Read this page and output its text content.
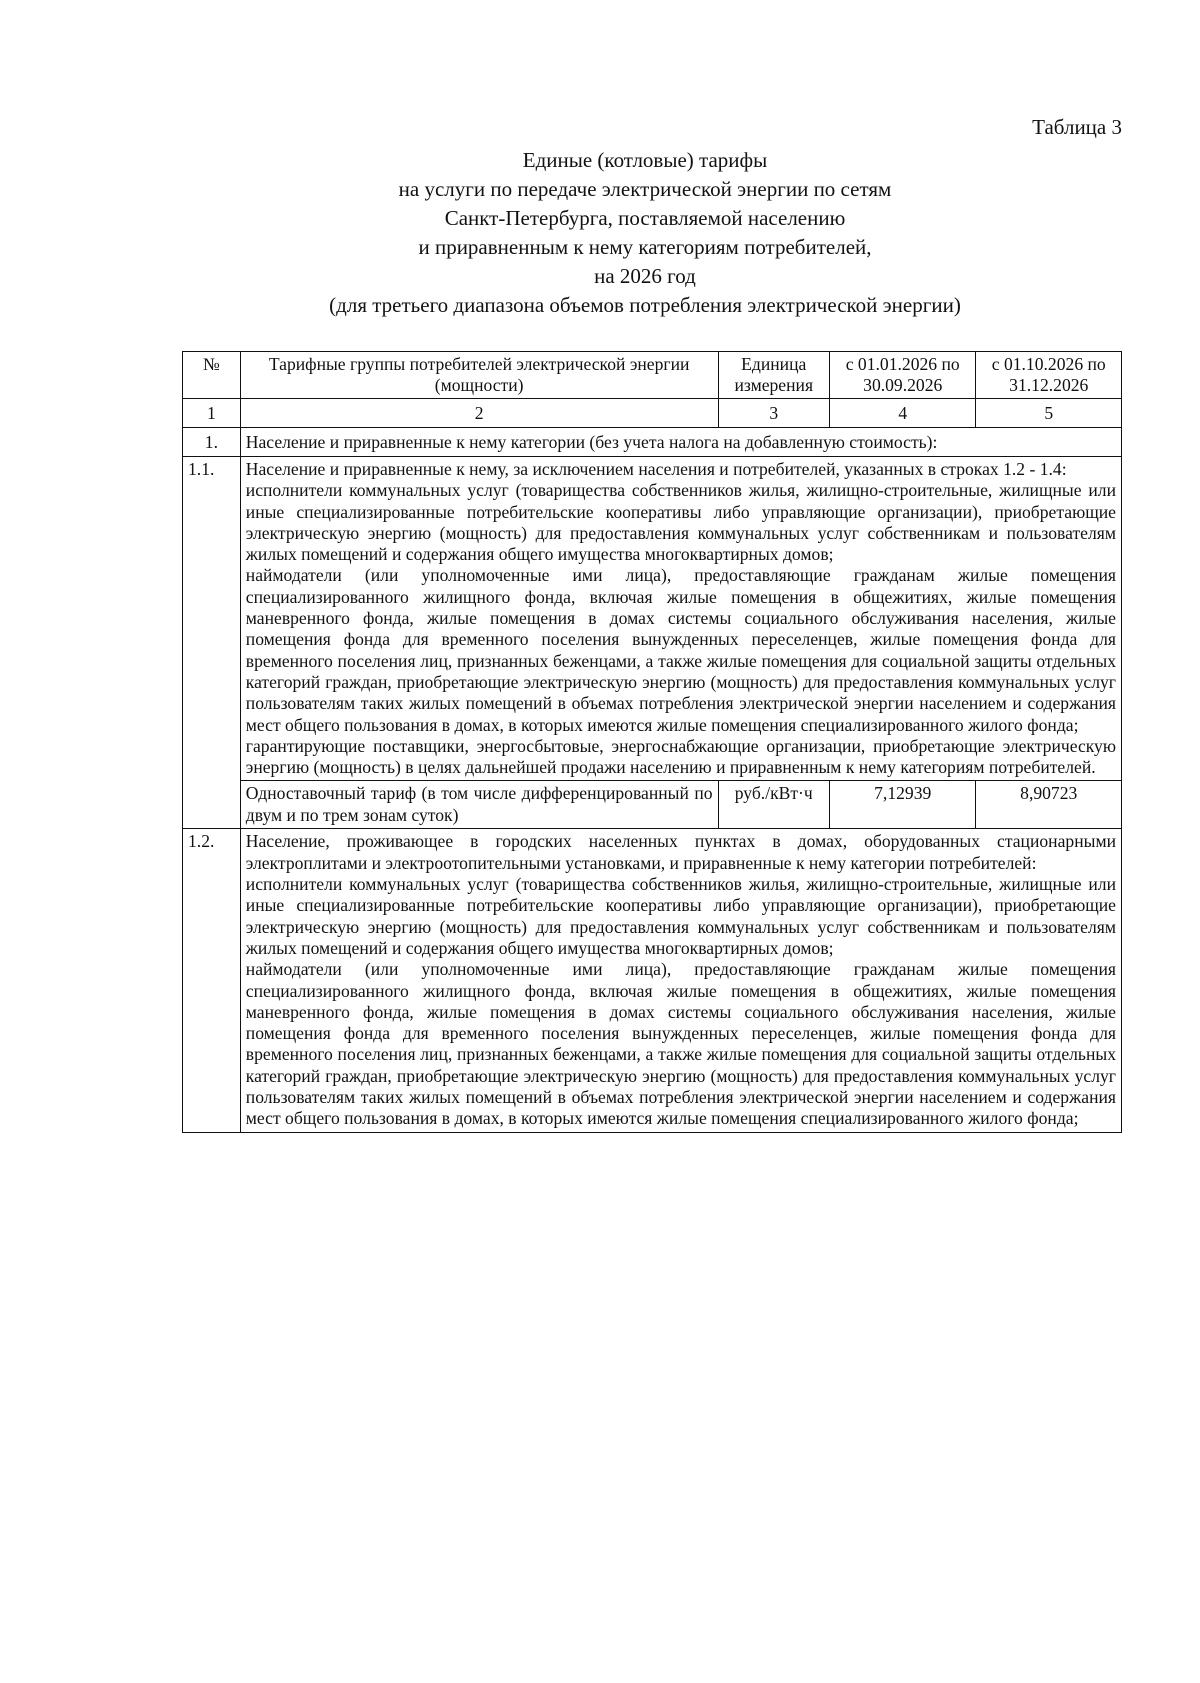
Таблица 3
Единые (котловые) тарифы
на услуги по передаче электрической энергии по сетям
Санкт-Петербурга, поставляемой населению
и приравненным к нему категориям потребителей,
на 2026 год
(для третьего диапазона объемов потребления электрической энергии)
№	Тарифные группы потребителей электрической энергии (мощности)	Единица измерения	с 01.01.2026 по 30.09.2026	с 01.10.2026 по 31.12.2026
1	2	3	4	5
1.	Население и приравненные к нему категории (без учета налога на добавленную стоимость):			
1.1.	Население и приравненные к нему, за исключением населения и потребителей, указанных в строках 1.2 - 1.4:
исполнители коммунальных услуг (товарищества собственников жилья, жилищно-строительные, жилищные или иные специализированные потребительские кооперативы либо управляющие организации), приобретающие электрическую энергию (мощность) для предоставления коммунальных услуг собственникам и пользователям жилых помещений и содержания общего имущества многоквартирных домов;
наймодатели (или уполномоченные ими лица), предоставляющие гражданам жилые помещения специализированного жилищного фонда, включая жилые помещения в общежитиях, жилые помещения маневренного фонда, жилые помещения в домах системы социального обслуживания населения, жилые помещения фонда для временного поселения вынужденных переселенцев, жилые помещения фонда для временного поселения лиц, признанных беженцами, а также жилые помещения для социальной защиты отдельных категорий граждан, приобретающие электрическую энергию (мощность) для предоставления коммунальных услуг пользователям таких жилых помещений в объемах потребления электрической энергии населением и содержания мест общего пользования в домах, в которых имеются жилые помещения специализированного жилого фонда;
гарантирующие поставщики, энергосбытовые, энергоснабжающие организации, приобретающие электрическую энергию (мощность) в целях дальнейшей продажи населению и приравненным к нему категориям потребителей.			

	Одноставочный тариф (в том числе дифференцированный по двум и по трем зонам суток)	руб./кВт·ч	7,12939	8,90723
1.2.	Население, проживающее в городских населенных пунктах в домах, оборудованных стационарными электроплитами и электроотопительными установками, и приравненные к нему категории потребителей:
исполнители коммунальных услуг (товарищества собственников жилья, жилищно-строительные, жилищные или иные специализированные потребительские кооперативы либо управляющие организации), приобретающие электрическую энергию (мощность) для предоставления коммунальных услуг собственникам и пользователям жилых помещений и содержания общего имущества многоквартирных домов;
наймодатели (или уполномоченные ими лица), предоставляющие гражданам жилые помещения специализированного жилищного фонда, включая жилые помещения в общежитиях, жилые помещения маневренного фонда, жилые помещения в домах системы социального обслуживания населения, жилые помещения фонда для временного поселения вынужденных переселенцев, жилые помещения фонда для временного поселения лиц, признанных беженцами, а также жилые помещения для социальной защиты отдельных категорий граждан, приобретающие электрическую энергию (мощность) для предоставления коммунальных услуг пользователям таких жилых помещений в объемах потребления электрической энергии населением и содержания мест общего пользования в домах, в которых имеются жилые помещения специализированного жилого фонда;			
